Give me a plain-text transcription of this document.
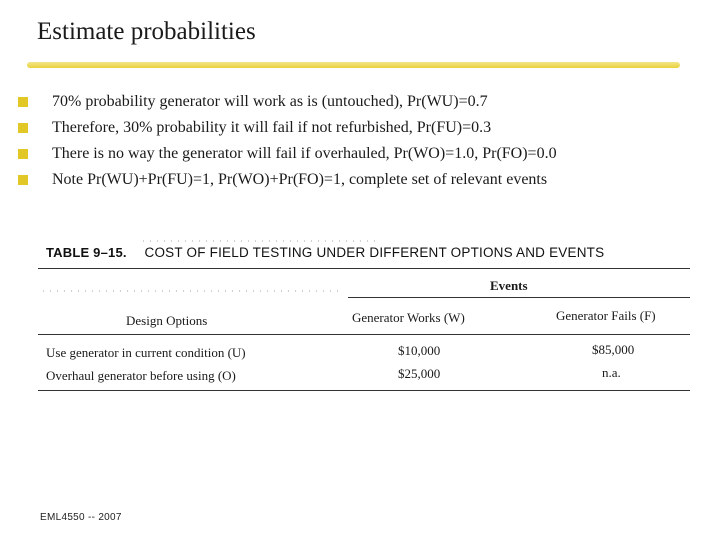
Estimate probabilities
70% probability generator will work as is (untouched), Pr(WU)=0.7
Therefore, 30% probability it will fail if not refurbished, Pr(FU)=0.3
There is no way the generator will fail if overhauled, Pr(WO)=1.0, Pr(FO)=0.0
Note Pr(WU)+Pr(FU)=1, Pr(WO)+Pr(FO)=1, complete set of relevant events
TABLE 9–15. COST OF FIELD TESTING UNDER DIFFERENT OPTIONS AND EVENTS
Events
Design Options	Generator Works (W)	Generator Fails (F)
Use generator in current condition (U)	$10,000	$85,000
Overhaul generator before using (O)	$25,000	n.a.
EML4550 -- 2007
